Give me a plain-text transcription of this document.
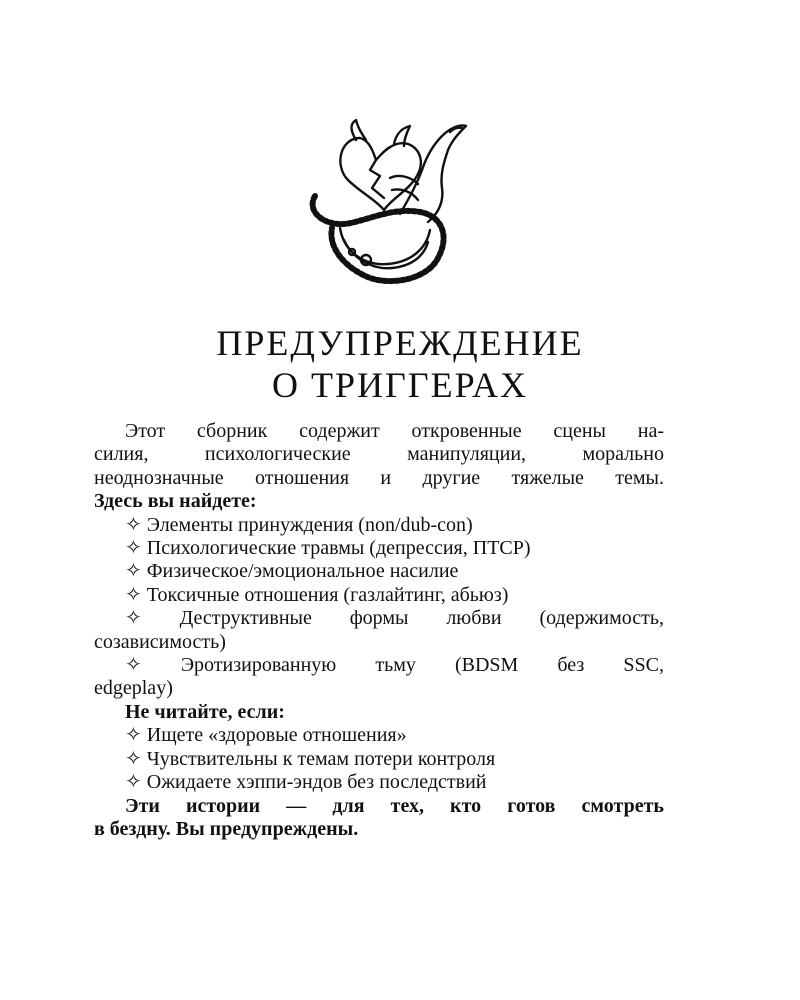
ПРЕДУПРЕЖДЕНИЕ
О ТРИГГЕРАХ

Этот сборник содержит откровенные сцены на-

силия, психологические манипуляции, морально

неоднозначные отношения и другие тяжелые темы.

Здесь вы найдете:

✧ Элементы принуждения (non/dub-con)

✧ Психологические травмы (депрессия, ПТСР)

✧ Физическое/эмоциональное насилие

✧ Токсичные отношения (газлайтинг, абьюз)

✧ Деструктивные формы любви (одержимость,

созависимость)

✧ Эротизированную тьму (BDSM без SSC,

edgeplay)

Не читайте, если:

✧ Ищете «здоровые отношения»

✧ Чувствительны к темам потери контроля

✧ Ожидаете хэппи-эндов без последствий

Эти истории — для тех, кто готов смотреть

в бездну. Вы предупреждены.
